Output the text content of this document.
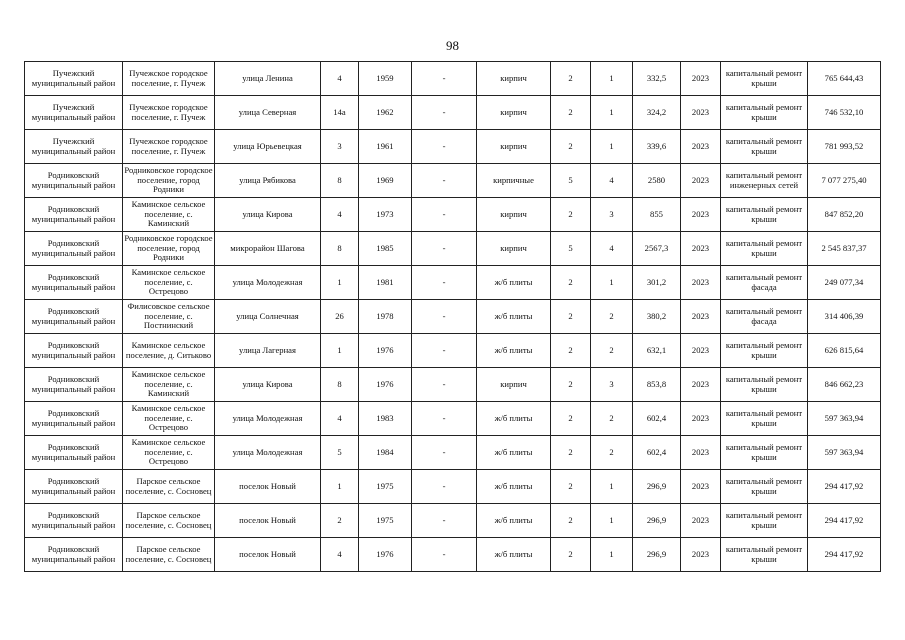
98
Пучежский муниципальный район	Пучежское городское поселение, г. Пучеж	улица Ленина	4	1959	-	кирпич	2	1	332,5	2023	капитальный ремонт крыши	765 644,43
Пучежский муниципальный район	Пучежское городское поселение, г. Пучеж	улица Северная	14а	1962	-	кирпич	2	1	324,2	2023	капитальный ремонт крыши	746 532,10
Пучежский муниципальный район	Пучежское городское поселение, г. Пучеж	улица Юрьевецкая	3	1961	-	кирпич	2	1	339,6	2023	капитальный ремонт крыши	781 993,52
Родниковский муниципальный район	Родниковское городское поселение, город Родники	улица Рябикова	8	1969	-	кирпичные	5	4	2580	2023	капитальный ремонт инженерных сетей	7 077 275,40
Родниковский муниципальный район	Каминское сельское поселение, с. Каминский	улица Кирова	4	1973	-	кирпич	2	3	855	2023	капитальный ремонт крыши	847 852,20
Родниковский муниципальный район	Родниковское городское поселение, город Родники	микрорайон Шагова	8	1985	-	кирпич	5	4	2567,3	2023	капитальный ремонт крыши	2 545 837,37
Родниковский муниципальный район	Каминское сельское поселение, с. Острецово	улица Молодежная	1	1981	-	ж/б плиты	2	1	301,2	2023	капитальный ремонт фасада	249 077,34
Родниковский муниципальный район	Филисовское сельское поселение, с. Постнинский	улица Солнечная	26	1978	-	ж/б плиты	2	2	380,2	2023	капитальный ремонт фасада	314 406,39
Родниковский муниципальный район	Каминское сельское поселение, д. Ситьково	улица Лагерная	1	1976	-	ж/б плиты	2	2	632,1	2023	капитальный ремонт крыши	626 815,64
Родниковский муниципальный район	Каминское сельское поселение, с. Каминский	улица Кирова	8	1976	-	кирпич	2	3	853,8	2023	капитальный ремонт крыши	846 662,23
Родниковский муниципальный район	Каминское сельское поселение, с. Острецово	улица Молодежная	4	1983	-	ж/б плиты	2	2	602,4	2023	капитальный ремонт крыши	597 363,94
Родниковский муниципальный район	Каминское сельское поселение, с. Острецово	улица Молодежная	5	1984	-	ж/б плиты	2	2	602,4	2023	капитальный ремонт крыши	597 363,94
Родниковский муниципальный район	Парское сельское поселение, с. Сосновец	поселок Новый	1	1975	-	ж/б плиты	2	1	296,9	2023	капитальный ремонт крыши	294 417,92
Родниковский муниципальный район	Парское сельское поселение, с. Сосновец	поселок Новый	2	1975	-	ж/б плиты	2	1	296,9	2023	капитальный ремонт крыши	294 417,92
Родниковский муниципальный район	Парское сельское поселение, с. Сосновец	поселок Новый	4	1976	-	ж/б плиты	2	1	296,9	2023	капитальный ремонт крыши	294 417,92
